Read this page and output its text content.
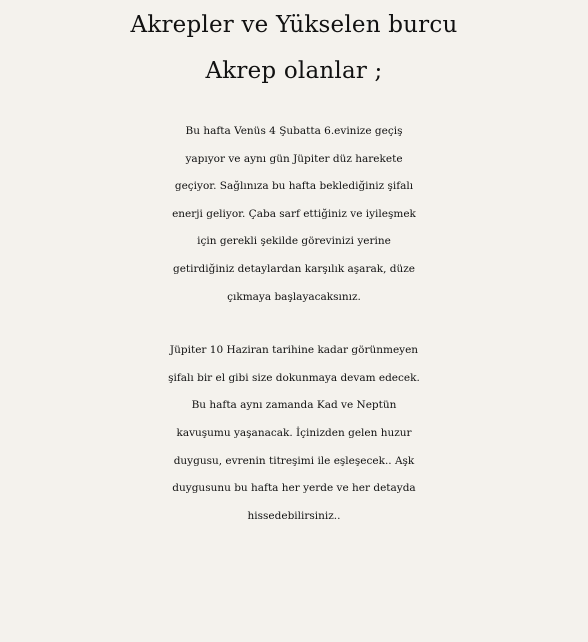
Akrepler ve Yükselen burcu
Akrep olanlar ;

Bu hafta Venüs 4 Şubatta 6.evinize geçiş
yapıyor ve aynı gün Jüpiter düz harekete
geçiyor. Sağlınıza bu hafta beklediğiniz şifalı
enerji geliyor. Çaba sarf ettiğiniz ve iyileşmek
için gerekli şekilde görevinizi yerine
getirdiğiniz detaylardan karşılık aşarak, düze
çıkmaya başlayacaksınız.

Jüpiter 10 Haziran tarihine kadar görünmeyen
şifalı bir el gibi size dokunmaya devam edecek.
Bu hafta aynı zamanda Kad ve Neptün
kavuşumu yaşanacak. İçinizden gelen huzur
duygusu, evrenin titreşimi ile eşleşecek.. Aşk
duygusunu bu hafta her yerde ve her detayda
hissedebilirsiniz..
